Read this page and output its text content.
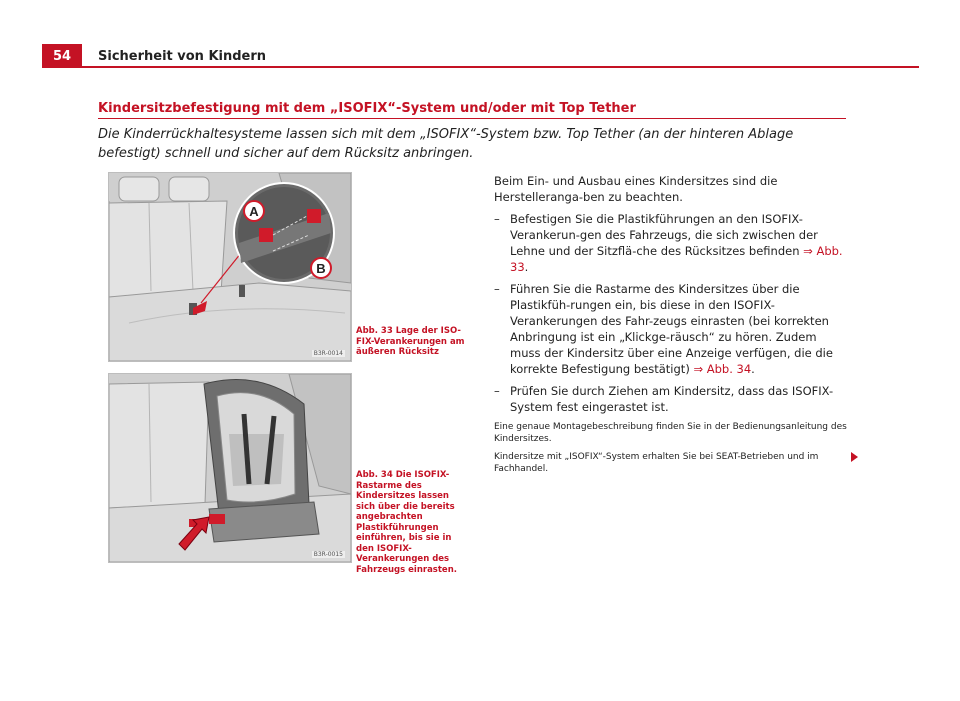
54	Sicherheit von Kindern
Kindersitzbefestigung mit dem „ISOFIX“-System und/oder mit Top Tether

Die Kinderrückhaltesysteme lassen sich mit dem „ISOFIX“-System bzw. Top Tether (an der hinteren Ablage befestigt) schnell und sicher auf dem Rücksitz anbringen.

A
B
B3R-0014

Abb. 33 Lage der ISO-FIX-Verankerungen am äußeren Rücksitz

B3R-0015

Abb. 34 Die ISOFIX-Rastarme des Kindersitzes lassen sich über die bereits angebrachten Plastikführungen einführen, bis sie in den ISOFIX-Verankerungen des Fahrzeugs einrasten.

Beim Ein- und Ausbau eines Kindersitzes sind die Herstelleranga-ben zu beachten.

– Befestigen Sie die Plastikführungen an den ISOFIX-Verankerun-gen des Fahrzeugs, die sich zwischen der Lehne und der Sitzflä-che des Rücksitzes befinden ⇒ Abb. 33.
– Führen Sie die Rastarme des Kindersitzes über die Plastikfüh-rungen ein, bis diese in den ISOFIX-Verankerungen des Fahr-zeugs einrasten (bei korrekten Anbringung ist ein „Klickge-räusch“ zu hören. Zudem muss der Kindersitz über eine Anzeige verfügen, die die korrekte Befestigung bestätigt) ⇒ Abb. 34.
– Prüfen Sie durch Ziehen am Kindersitz, dass das ISOFIX-System fest eingerastet ist.

Eine genaue Montagebeschreibung finden Sie in der Bedienungsanleitung des Kindersitzes.

Kindersitze mit „ISOFIX“-System erhalten Sie bei SEAT-Betrieben und im Fachhandel.
